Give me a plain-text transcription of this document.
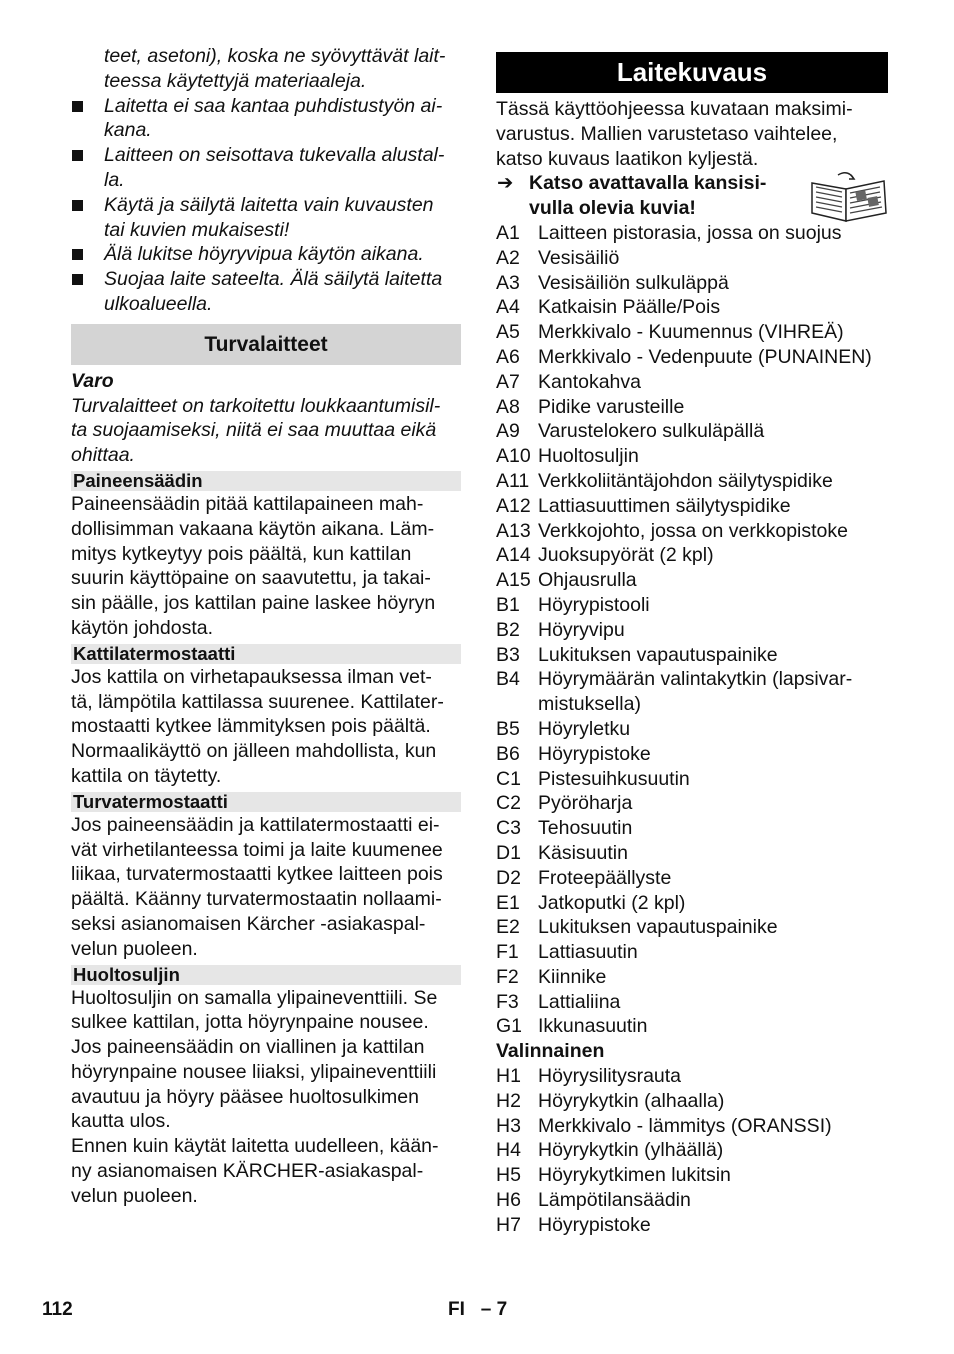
teet, asetoni), koska ne syövyttävät lait-
teessa käytettyjä materiaaleja.
Laitetta ei saa kantaa puhdistustyön ai-
kana.
Laitteen on seisottava tukevalla alustal-
la.
Käytä ja säilytä laitetta vain kuvausten
tai kuvien mukaisesti!
Älä lukitse höyryvipua käytön aikana.
Suojaa laite sateelta. Älä säilytä laitetta
ulkoalueella.
Turvalaitteet
Varo
Turvalaitteet on tarkoitettu loukkaantumisil-
ta suojaamiseksi, niitä ei saa muuttaa eikä
ohittaa.
Paineensäädin
Paineensäädin pitää kattilapaineen mah-
dollisimman vakaana käytön aikana. Läm-
mitys kytkeytyy pois päältä, kun kattilan
suurin käyttöpaine on saavutettu, ja takai-
sin päälle, jos kattilan paine laskee höyryn
käytön johdosta.
Kattilatermostaatti
Jos kattila on virhetapauksessa ilman vet-
tä, lämpötila kattilassa suurenee. Kattilater-
mostaatti kytkee lämmityksen pois päältä.
Normaalikäyttö on jälleen mahdollista, kun
kattila on täytetty.
Turvatermostaatti
Jos paineensäädin ja kattilatermostaatti ei-
vät virhetilanteessa toimi ja laite kuumenee
liikaa, turvatermostaatti kytkee laitteen pois
päältä. Käänny turvatermostaatin nollaami-
seksi asianomaisen Kärcher -asiakaspal-
velun puoleen.
Huoltosuljin
Huoltosuljin on samalla ylipaineventtiili. Se
sulkee kattilan, jotta höyrynpaine nousee.
Jos paineensäädin on viallinen ja kattilan
höyrynpaine nousee liiaksi, ylipaineventtiili
avautuu ja höyry pääsee huoltosulkimen
kautta ulos.
Ennen kuin käytät laitetta uudelleen, kään-
ny asianomaisen KÄRCHER-asiakaspal-
velun puoleen.
Laitekuvaus
Tässä käyttöohjeessa kuvataan maksimi-
varustus. Mallien varustetaso vaihtelee,
katso kuvaus laatikon kyljestä.
➔ Katso avattavalla kansisi-
vulla olevia kuvia!
A1 Laitteen pistorasia, jossa on suojus
A2 Vesisäiliö
A3 Vesisäiliön sulkuläppä
A4 Katkaisin Päälle/Pois
A5 Merkkivalo - Kuumennus (VIHREÄ)
A6 Merkkivalo - Vedenpuute (PUNAINEN)
A7 Kantokahva
A8 Pidike varusteille
A9 Varustelokero sulkuläpällä
A10 Huoltosuljin
A11 Verkkoliitäntäjohdon säilytyspidike
A12 Lattiasuuttimen säilytyspidike
A13 Verkkojohto, jossa on verkkopistoke
A14 Juoksupyörät (2 kpl)
A15 Ohjausrulla
B1 Höyrypistooli
B2 Höyryvipu
B3 Lukituksen vapautuspainike
B4 Höyrymäärän valintakytkin (lapsivar-
mistuksella)
B5 Höyryletku
B6 Höyrypistoke
C1 Pistesuihkusuutin
C2 Pyöröharja
C3 Tehosuutin
D1 Käsisuutin
D2 Froteepäällyste
E1 Jatkoputki (2 kpl)
E2 Lukituksen vapautuspainike
F1 Lattiasuutin
F2 Kiinnike
F3 Lattialiina
G1 Ikkunasuutin
Valinnainen
H1 Höyrysilitysrauta
H2 Höyrykytkin (alhaalla)
H3 Merkkivalo - lämmitys (ORANSSI)
H4 Höyrykytkin (ylhäällä)
H5 Höyrykytkimen lukitsin
H6 Lämpötilansäädin
H7 Höyrypistoke
112	FI   – 7
